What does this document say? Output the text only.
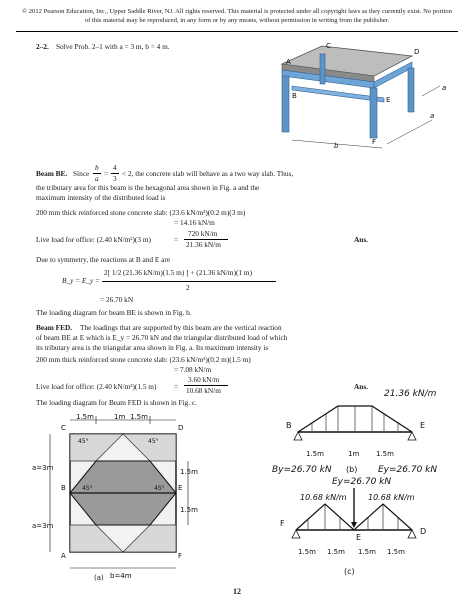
© 2012 Pearson Education, Inc., Upper Saddle River, NJ. All rights reserved. This material is protected under all copyright laws as they currently exist. No portion of this material may be reproduced, in any form or by any means, without permission in writing from the publisher.
2–2. Solve Prob. 2–1 with a = 3 m, b = 4 m.
A
B
C
D
E
F
a
a
b
Beam BE. Since
b
a
=
4
3
< 2, the concrete slab will behave as a two way slab. Thus,
the tributary area for this beam is the hexagonal area shown in Fig. a and the
maximum intensity of the distributed load is
200 mm thick reinforced stone concrete slab: (23.6 kN/m³)(0.2 m)(3 m)
= 14.16 kN/m
Live load for office: (2.40 kN/m²)(3 m)	=
720 kN/m
21.36 kN/m
Ans.
Due to symmetry, the reactions at B and E are
B_y = E_y =
2[ 1/2 (21.36 kN/m)(1.5 m) ] + (21.36 kN/m)(1 m)
2
= 26.70 kN
The loading diagram for beam BE is shown in Fig. b.
Beam FED. The loadings that are supported by this beam are the vertical reaction
of beam BE at E which is E_y = 26.70 kN and the triangular distributed load of which
its tributary area is the triangular area shown in Fig. a. Its maximum intensity is
200 mm thick reinforced stone concrete slab: (23.6 kN/m³)(0.2 m)(1.5 m)
= 7.08 kN/m
Live load for office: (2.40 kN/m²)(1.5 m) =
3.60 kN/m
10.68 kN/m	Ans.
The loading diagram for Beam FED is shown in Fig. c.
1.5m	1m 1.5m
a=3m
a=3m
1.5m
1.5m
b=4m
45°	45°
45°	45°
C	D
B	E
A	F
(a)
21.36 kN/m
B	E
1.5m	1m 1.5m
By=26.70 kN (b) Ey=26.70 kN
Ey=26.70 kN
10.68 kN/m	10.68 kN/m
F
E
D
1.5m 1.5m 1.5m 1.5m
(c)
12
